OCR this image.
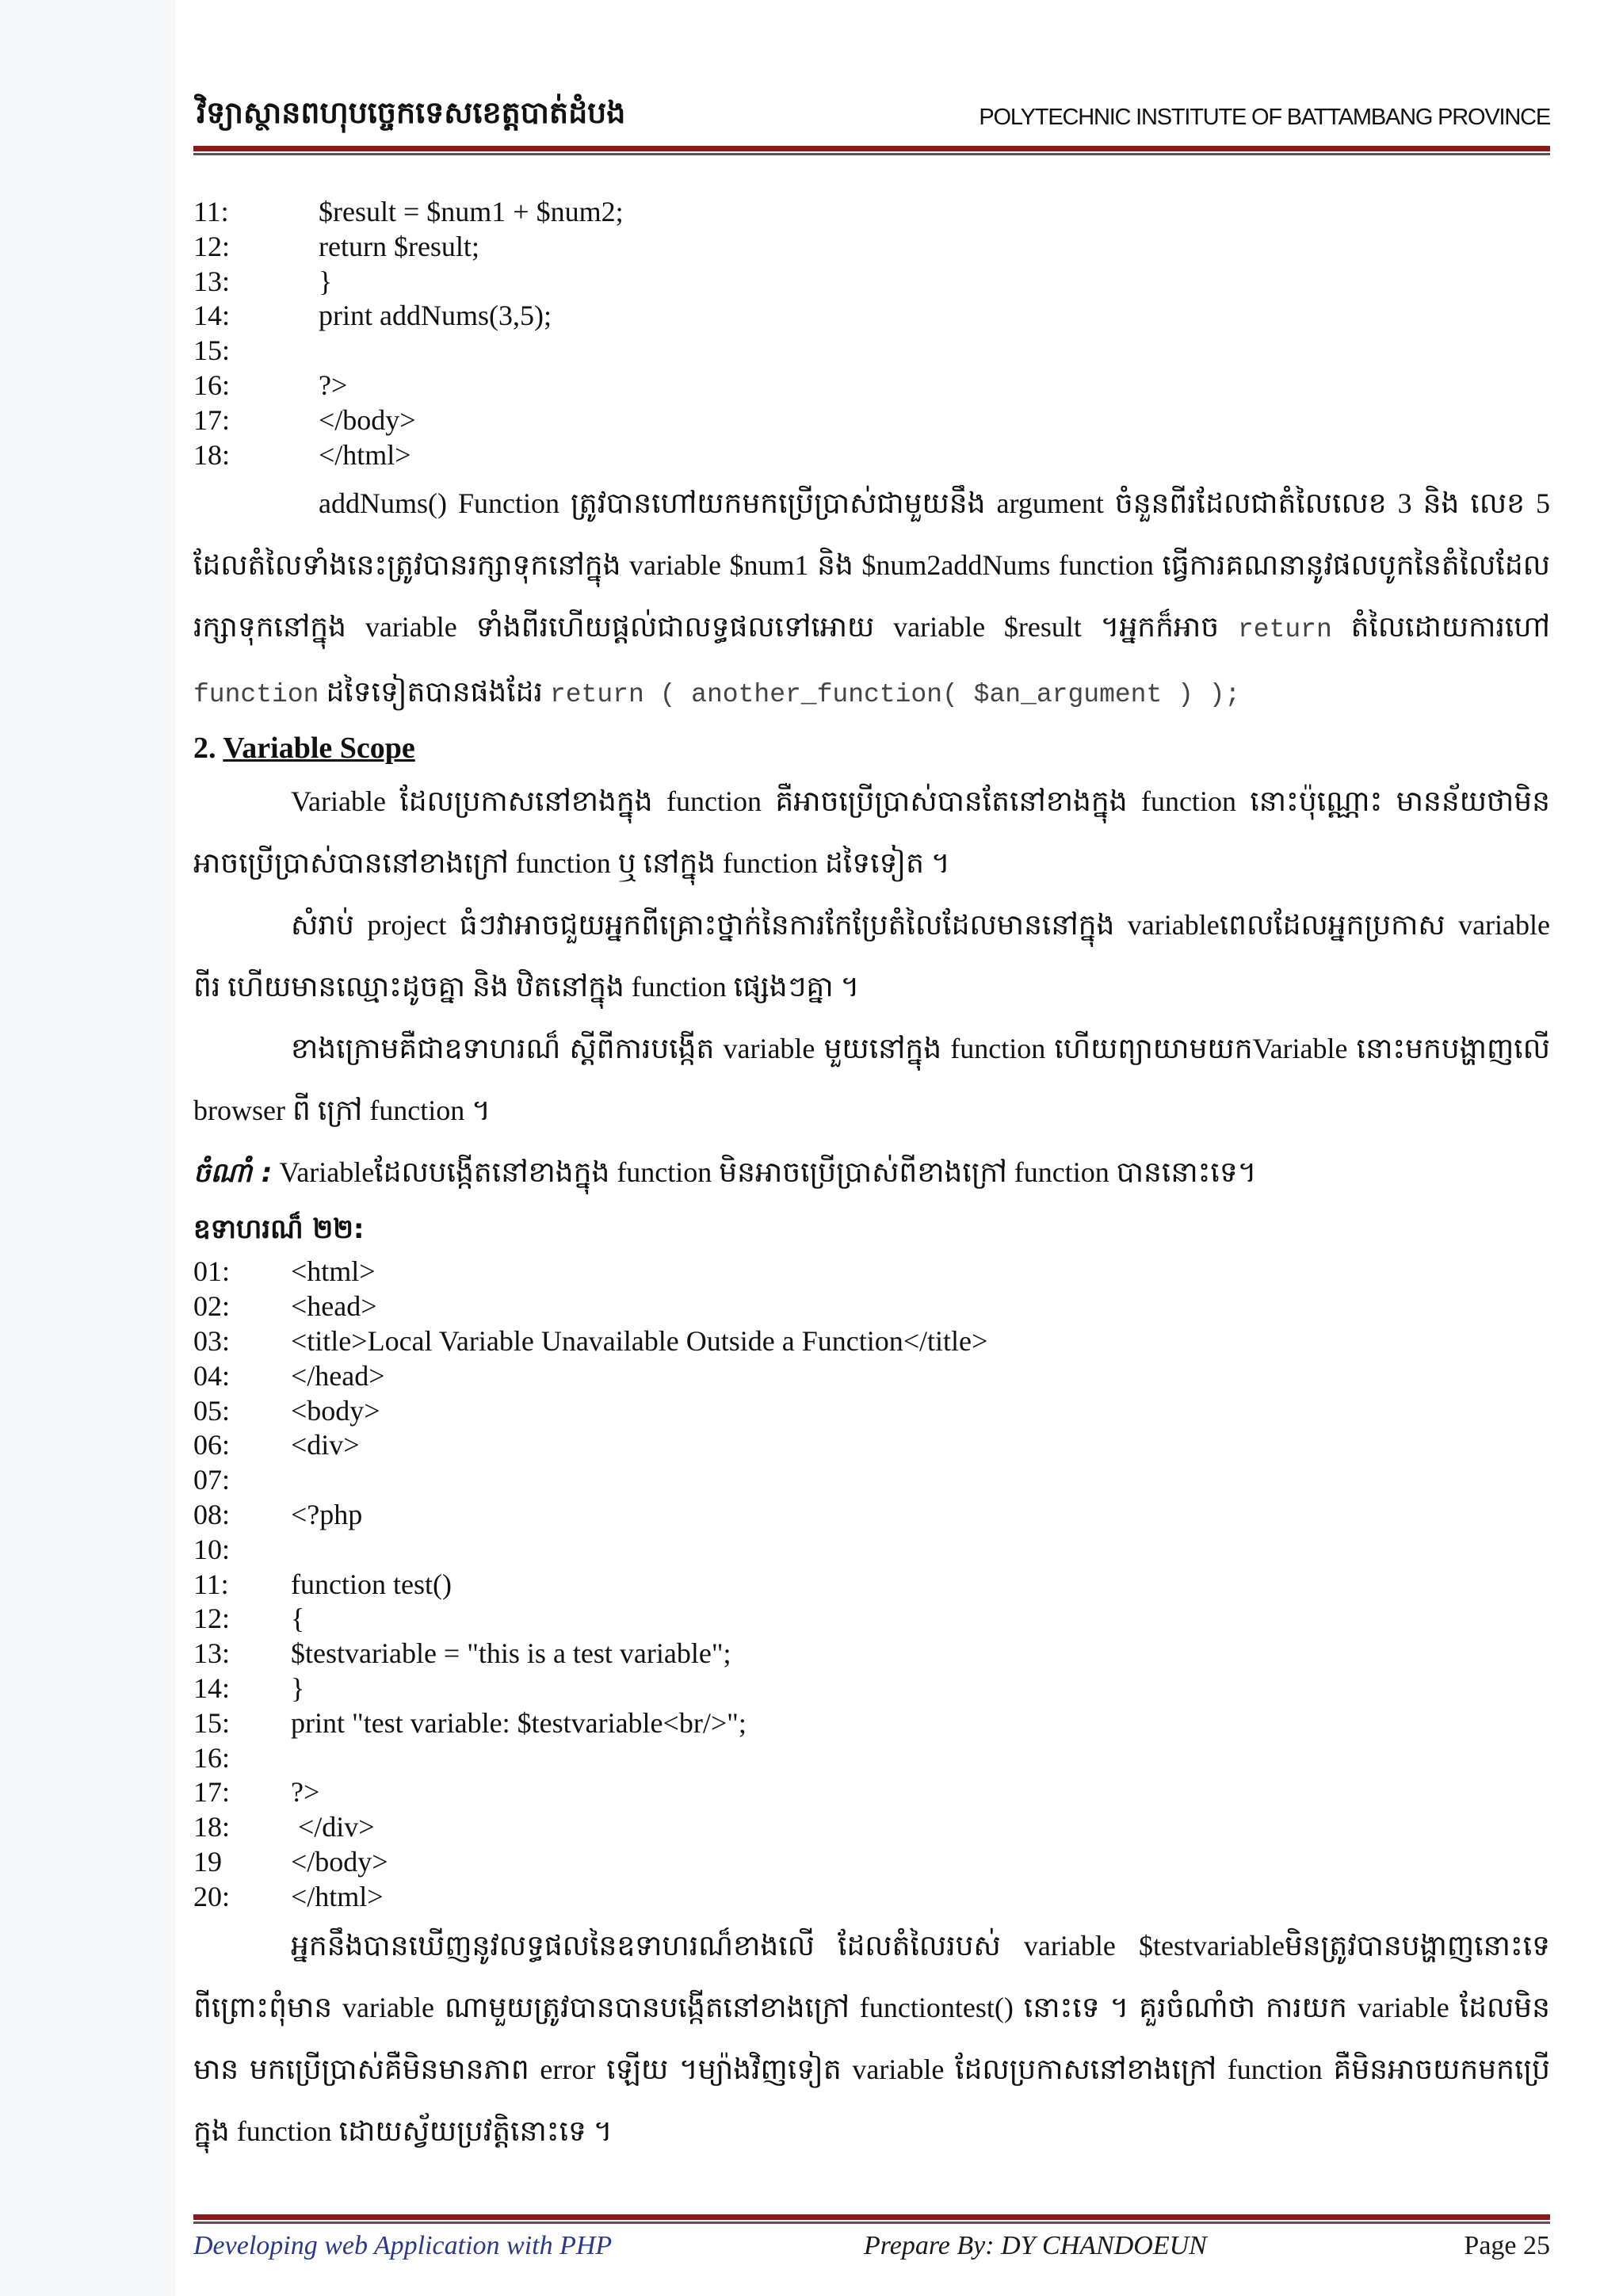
វិទ្យាស្ថានពហុបច្ចេកទេសខេត្តបាត់ដំបង	POLYTECHNIC INSTITUTE OF BATTAMBANG PROVINCE
11:	$result = $num1 + $num2;
12:	return $result;
13:	}
14:	print addNums(3,5);
15:
16:	?>
17:	</body>
18:	</html>
addNums() Function ត្រូវបានហៅយកមកប្រើប្រាស់ជាមួយនឹង argument ចំនួនពីរដែលជាតំលៃលេខ 3 និង លេខ 5 ដែលតំលៃទាំងនេះត្រូវបានរក្សាទុកនៅក្នុង variable $num1 និង $num2addNums function ធ្វើការគណនានូវផលបូកនៃតំលៃដែលរក្សាទុកនៅក្នុង variable ទាំងពីរហើយផ្តល់ជាលទ្ធផលទៅអោយ variable $result ។អ្នកក៏អាច return តំលៃដោយការហៅ function ដទៃទៀតបានផងដែរ return ( another_function( $an_argument ) );
2. Variable Scope
Variable ដែលប្រកាសនៅខាងក្នុង function គឺអាចប្រើប្រាស់បានតែនៅខាងក្នុង function នោះប៉ុណ្ណោះ មានន័យថាមិនអាចប្រើប្រាស់បាននៅខាងក្រៅ function ឬ នៅក្នុង function ដទៃទៀត ។
សំរាប់ project ធំៗវាអាចជួយអ្នកពីគ្រោះថ្នាក់នៃការកែប្រែតំលៃដែលមាននៅក្នុង variableពេលដែលអ្នកប្រកាស variable ពីរ ហើយមានឈ្មោះដូចគ្នា និង ឋិតនៅក្នុង function ផ្សេងៗគ្នា ។
ខាងក្រោមគឺជាឧទាហរណ៏ ស្តីពីការបង្កើត variable មួយនៅក្នុង function ហើយព្យាយាមយកVariable នោះមកបង្ហាញលើ browser ពី ក្រៅ function ។
ចំណាំ : Variableដែលបង្កើតនៅខាងក្នុង function មិនអាចប្រើប្រាស់ពីខាងក្រៅ function បាននោះទេ។
ឧទាហរណ៏ ២២:
01: <html>
02: <head>
03: <title>Local Variable Unavailable Outside a Function</title>
04: </head>
05: <body>
06: <div>
07:
08: <?php
10:
11: function test()
12: {
13: $testvariable = "this is a test variable";
14: }
15: print "test variable: $testvariable<br/>";
16:
17: ?>
18: </div>
19 </body>
20: </html>
អ្នកនឹងបានឃើញនូវលទ្ធផលនៃឧទាហរណ៏ខាងលើ ដែលតំលៃរបស់ variable $testvariableមិនត្រូវបានបង្ហាញនោះទេ ពីព្រោះពុំមាន variable ណាមួយត្រូវបានបានបង្កើតនៅខាងក្រៅ functiontest() នោះទេ ។ គួរចំណាំថា ការយក variable ដែលមិនមាន មកប្រើប្រាស់គឺមិនមានភាព error ឡើយ ។ម្យ៉ាងវិញទៀត variable ដែលប្រកាសនៅខាងក្រៅ function គឺមិនអាចយកមកប្រើក្នុង function ដោយស្វ័យប្រវត្តិនោះទេ ។
Developing web Application with PHP	Prepare By: DY CHANDOEUN	Page 25
